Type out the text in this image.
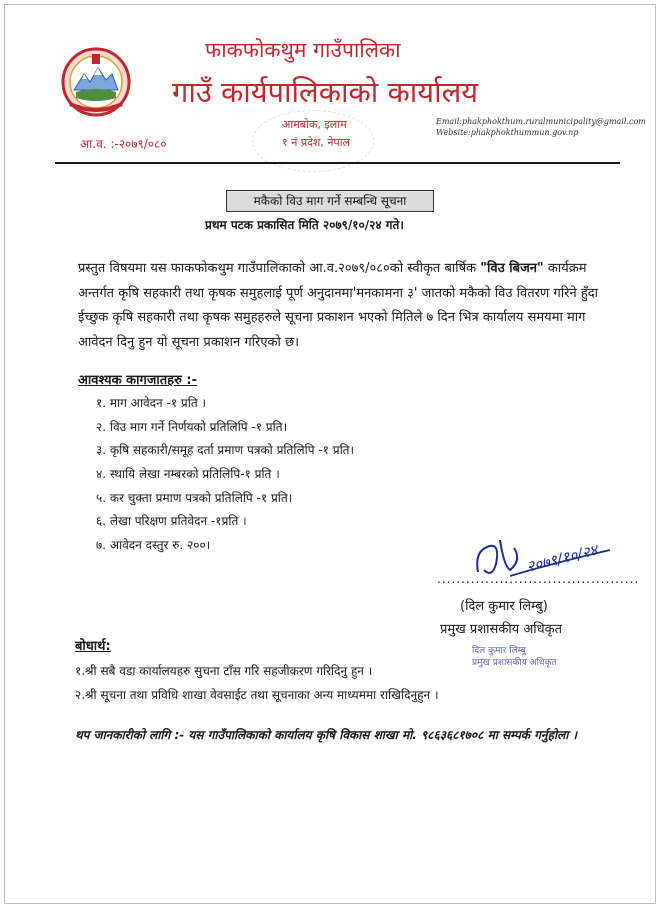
फाकफोकथुम गाउँपालिका
गाउँ कार्यपालिकाको कार्यालय
आमबोक, इलाम
१ नं प्रदेश, नेपाल
Email:phakphokthum.ruralmunicipality@gmail.com
Website:phakphokthummun.gov.np
आ.व. :-२०७९/०८०
मकैको विउ माग गर्ने सम्बन्धि सूचना
प्रथम पटक प्रकासित मिति २०७९/१०/२४ गते।
प्रस्तुत विषयमा यस फाकफोकथुम गाउँपालिकाको आ.व.२०७९/०८०को स्वीकृत बार्षिक "विउ बिजन" कार्यक्रम अन्तर्गत कृषि सहकारी तथा कृषक समुहलाई पूर्ण अनुदानमा'मनकामना ३' जातको मकैको विउ वितरण गरिने हुँदा ईच्छुक कृषि सहकारी तथा कृषक समुहहरुले सूचना प्रकाशन भएको मितिले ७ दिन भित्र कार्यालय समयमा माग आवेदन दिनु हुन यो सूचना प्रकाशन गरिएको छ।
आवश्यक कागजातहरु :-
१. माग आवेदन -१ प्रति ।
२. विउ माग गर्ने निर्णयको प्रतिलिपि -१ प्रति।
३. कृषि सहकारी/समूह दर्ता प्रमाण पत्रको प्रतिलिपि -१ प्रति।
४. स्थायि लेखा नम्बरको प्रतिलिपि-१ प्रति ।
५. कर चुक्ता प्रमाण पत्रको प्रतिलिपि -१ प्रति।
६. लेखा परिक्षण प्रतिवेदन -१प्रति ।
७. आवेदन दस्तुर रु. २००।	२०७९/१०/२४
..........................................
(दिल कुमार लिम्बु)
प्रमुख प्रशासकीय अधिकृत
दिल कुमार लिम्बु
प्रमुख प्रशासकीय अधिकृत
बोधार्थ:
१.श्री सबै वडा कार्यालयहरु सुचना टाँस गरि सहजीकरण गरिदिनु हुन ।
२.श्री सूचना तथा प्रविधि शाखा वेवसाईट तथा सूचनाका अन्य माध्यममा राखिदिनुहुन ।
थप जानकारीको लागि :- यस गाउँपालिकाको कार्यालय कृषि विकास शाखा मो. ९८६३६८१७०८ मा सम्पर्क गर्नुहोला ।
